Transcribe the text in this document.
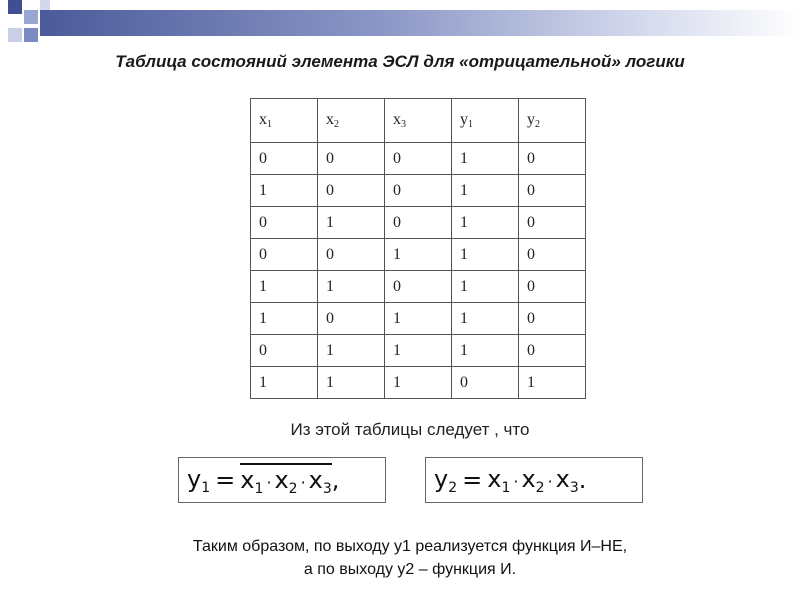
Таблица состояний элемента ЭСЛ для «отрицательной» логики
$x_1$	$x_2$	$x_3$	$y_1$	$y_2$
0	0	0	1	0
1	0	0	1	0
0	1	0	1	0
0	0	1	1	0
1	1	0	1	0
1	0	1	1	0
0	1	1	1	0
1	1	1	0	1
Из этой таблицы следует , что
$y_1 = x_1 \cdot x_2 \cdot x_3$ ,	$y_2 = x_1 \cdot x_2 \cdot x_3$ .
Таким образом, по выходу у1 реализуется функция И–НЕ,
а по выходу у2 – функция И.
